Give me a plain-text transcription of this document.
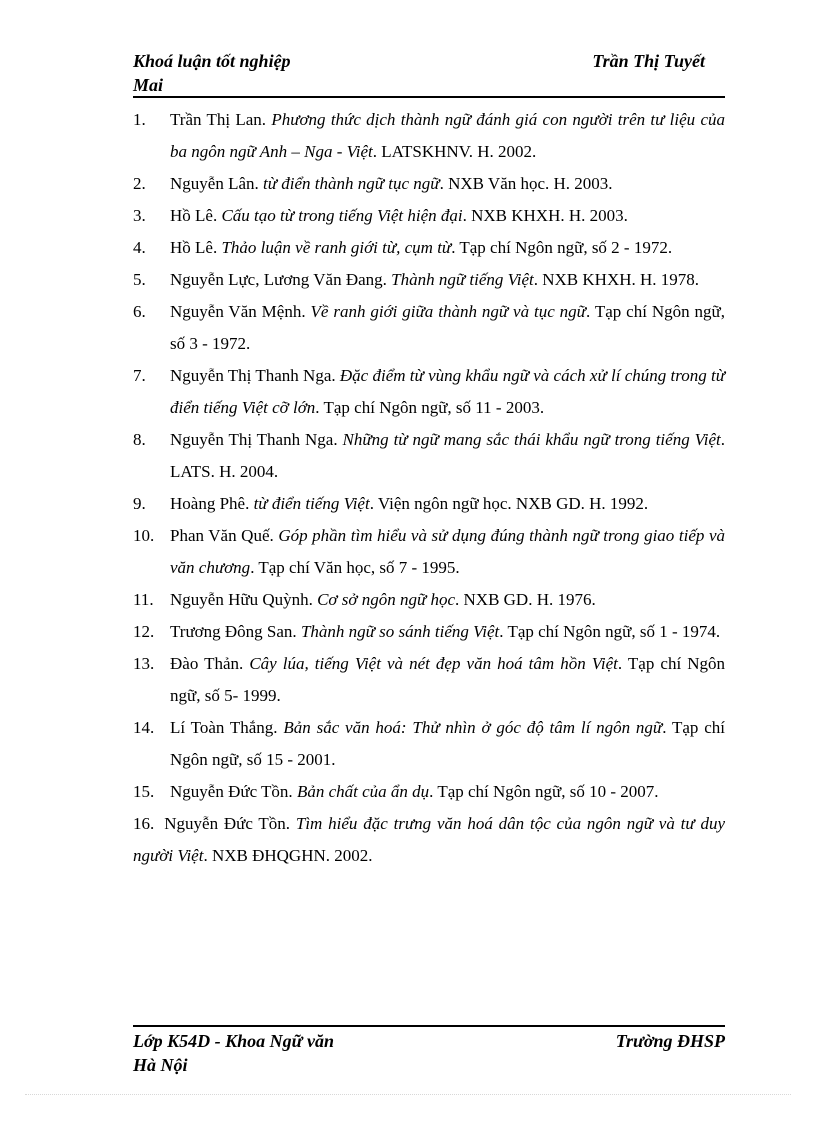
Khoá luận tốt nghiệp	Trần Thị Tuyết
Mai
1. Trần Thị Lan. Phương thức dịch thành ngữ đánh giá con người trên tư liệu của ba ngôn ngữ Anh – Nga - Việt. LATSKHNV. H. 2002.
2. Nguyễn Lân. từ điển thành ngữ tục ngữ. NXB Văn học. H. 2003.
3. Hồ Lê. Cấu tạo từ trong tiếng Việt hiện đại. NXB KHXH. H. 2003.
4. Hồ Lê. Thảo luận về ranh giới từ, cụm từ. Tạp chí Ngôn ngữ, số 2 - 1972.
5. Nguyễn Lực, Lương Văn Đang. Thành ngữ tiếng Việt. NXB KHXH. H. 1978.
6. Nguyễn Văn Mệnh. Về ranh giới giữa thành ngữ và tục ngữ. Tạp chí Ngôn ngữ, số 3 - 1972.
7. Nguyễn Thị Thanh Nga. Đặc điểm từ vùng khẩu ngữ và cách xử lí chúng trong từ điển tiếng Việt cỡ lớn. Tạp chí Ngôn ngữ, số 11 - 2003.
8. Nguyễn Thị Thanh Nga. Những từ ngữ mang sắc thái khẩu ngữ trong tiếng Việt. LATS. H. 2004.
9. Hoàng Phê. từ điển tiếng Việt. Viện ngôn ngữ học. NXB GD. H. 1992.
10. Phan Văn Quế. Góp phần tìm hiểu và sử dụng đúng thành ngữ trong giao tiếp và văn chương. Tạp chí Văn học, số 7 - 1995.
11. Nguyễn Hữu Quỳnh. Cơ sở ngôn ngữ học. NXB GD. H. 1976.
12. Trương Đông San. Thành ngữ so sánh tiếng Việt. Tạp chí Ngôn ngữ, số 1 - 1974.
13. Đào Thản. Cây lúa, tiếng Việt và nét đẹp văn hoá tâm hồn Việt. Tạp chí Ngôn ngữ, số 5- 1999.
14. Lí Toàn Thắng. Bản sắc văn hoá: Thử nhìn ở góc độ tâm lí ngôn ngữ. Tạp chí Ngôn ngữ, số 15 - 2001.
15. Nguyễn Đức Tồn. Bản chất của ẩn dụ. Tạp chí Ngôn ngữ, số 10 - 2007.
16. Nguyễn Đức Tồn. Tìm hiểu đặc trưng văn hoá dân tộc của ngôn ngữ và tư duy người Việt. NXB ĐHQGHN. 2002.
Lớp K54D - Khoa Ngữ văn	Trường ĐHSP
Hà Nội
